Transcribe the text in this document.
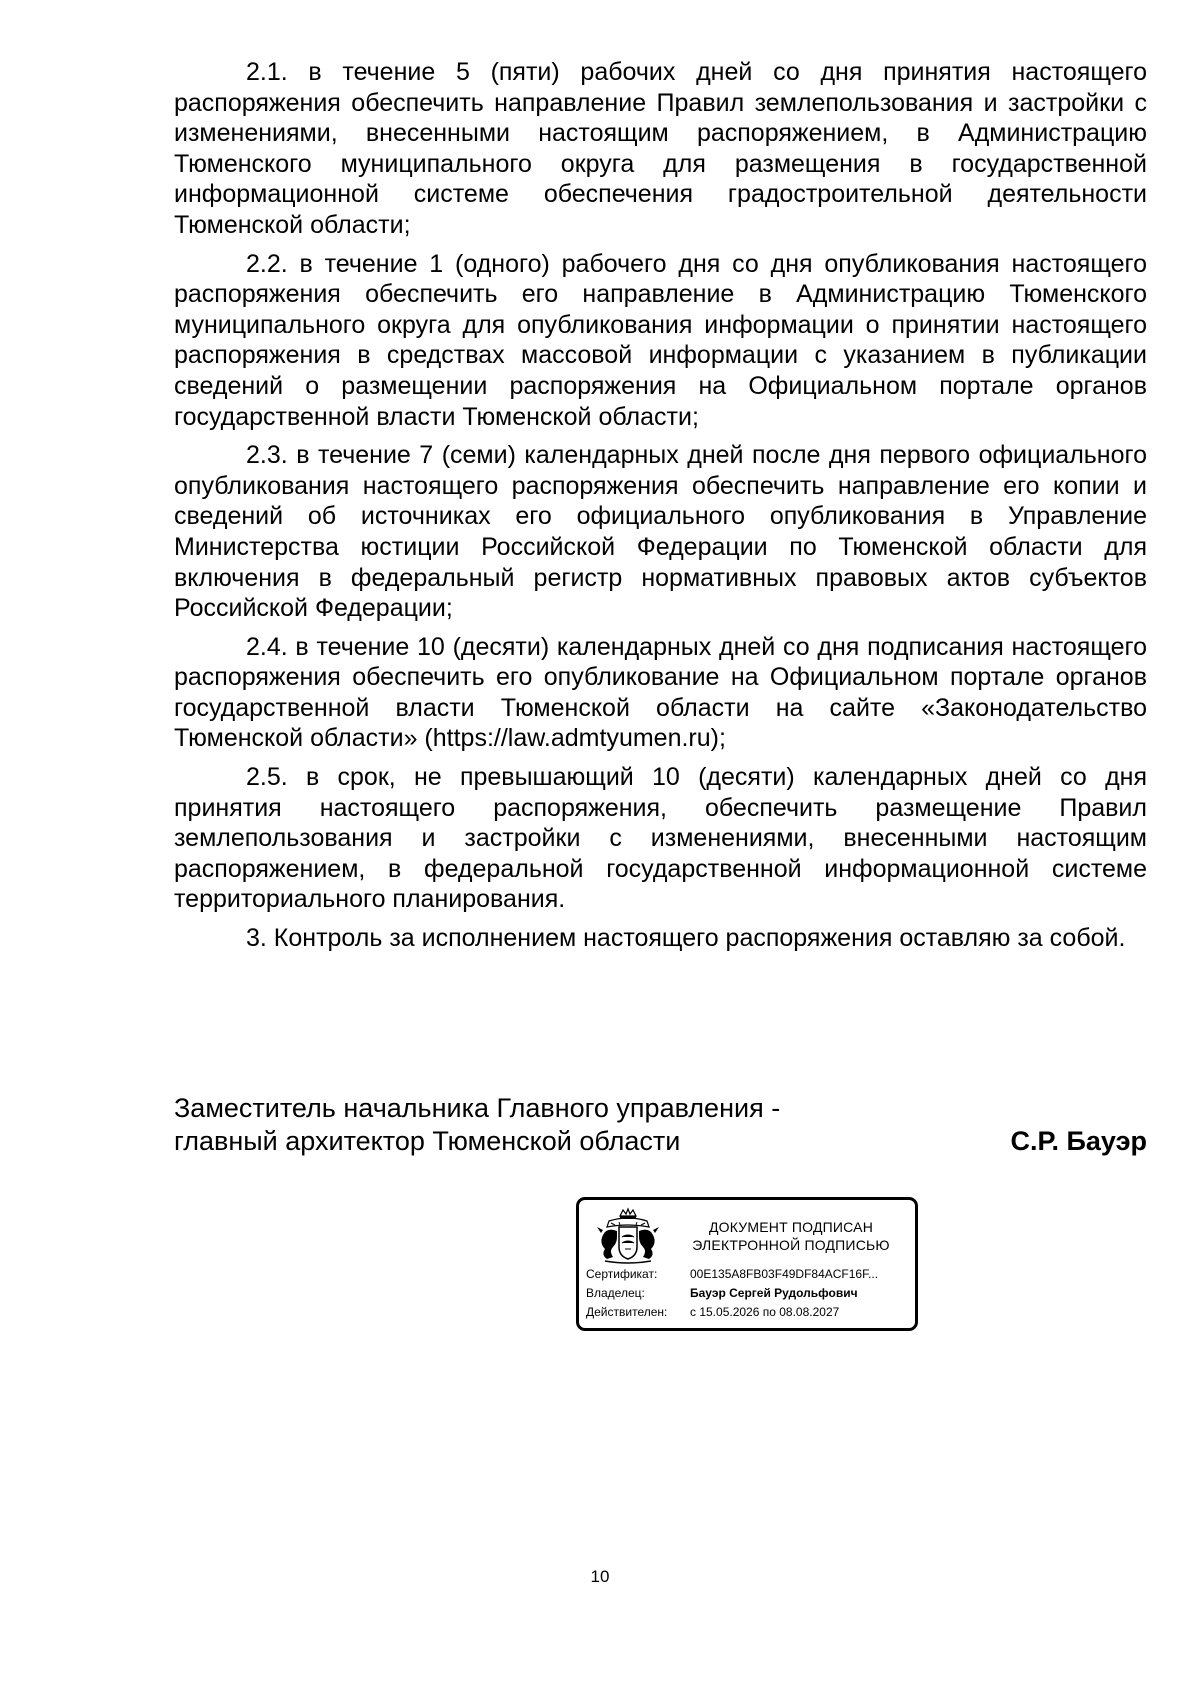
2.1. в течение 5 (пяти) рабочих дней со дня принятия настоящего распоряжения обеспечить направление Правил землепользования и застройки с изменениями, внесенными настоящим распоряжением, в Администрацию Тюменского муниципального округа для размещения в государственной информационной системе обеспечения градостроительной деятельности Тюменской области;

2.2. в течение 1 (одного) рабочего дня со дня опубликования настоящего распоряжения обеспечить его направление в Администрацию Тюменского муниципального округа для опубликования информации о принятии настоящего распоряжения в средствах массовой информации с указанием в публикации сведений о размещении распоряжения на Официальном портале органов государственной власти Тюменской области;

2.3. в течение 7 (семи) календарных дней после дня первого официального опубликования настоящего распоряжения обеспечить направление его копии и сведений об источниках его официального опубликования в Управление Министерства юстиции Российской Федерации по Тюменской области для включения в федеральный регистр нормативных правовых актов субъектов Российской Федерации;

2.4. в течение 10 (десяти) календарных дней со дня подписания настоящего распоряжения обеспечить его опубликование на Официальном портале органов государственной власти Тюменской области на сайте «Законодательство Тюменской области» (https://law.admtyumen.ru);

2.5. в срок, не превышающий 10 (десяти) календарных дней со дня принятия настоящего распоряжения, обеспечить размещение Правил землепользования и застройки с изменениями, внесенными настоящим распоряжением, в федеральной государственной информационной системе территориального планирования.

3. Контроль за исполнением настоящего распоряжения оставляю за собой.

Заместитель начальника Главного управления -
главный архитектор Тюменской области	С.Р. Бауэр
ДОКУМЕНТ ПОДПИСАН
ЭЛЕКТРОННОЙ ПОДПИСЬЮ
Сертификат:	00E135A8FB03F49DF84ACF16F...
Владелец:	Бауэр Сергей Рудольфович
Действителен:	с 15.05.2026 по 08.08.2027
10
